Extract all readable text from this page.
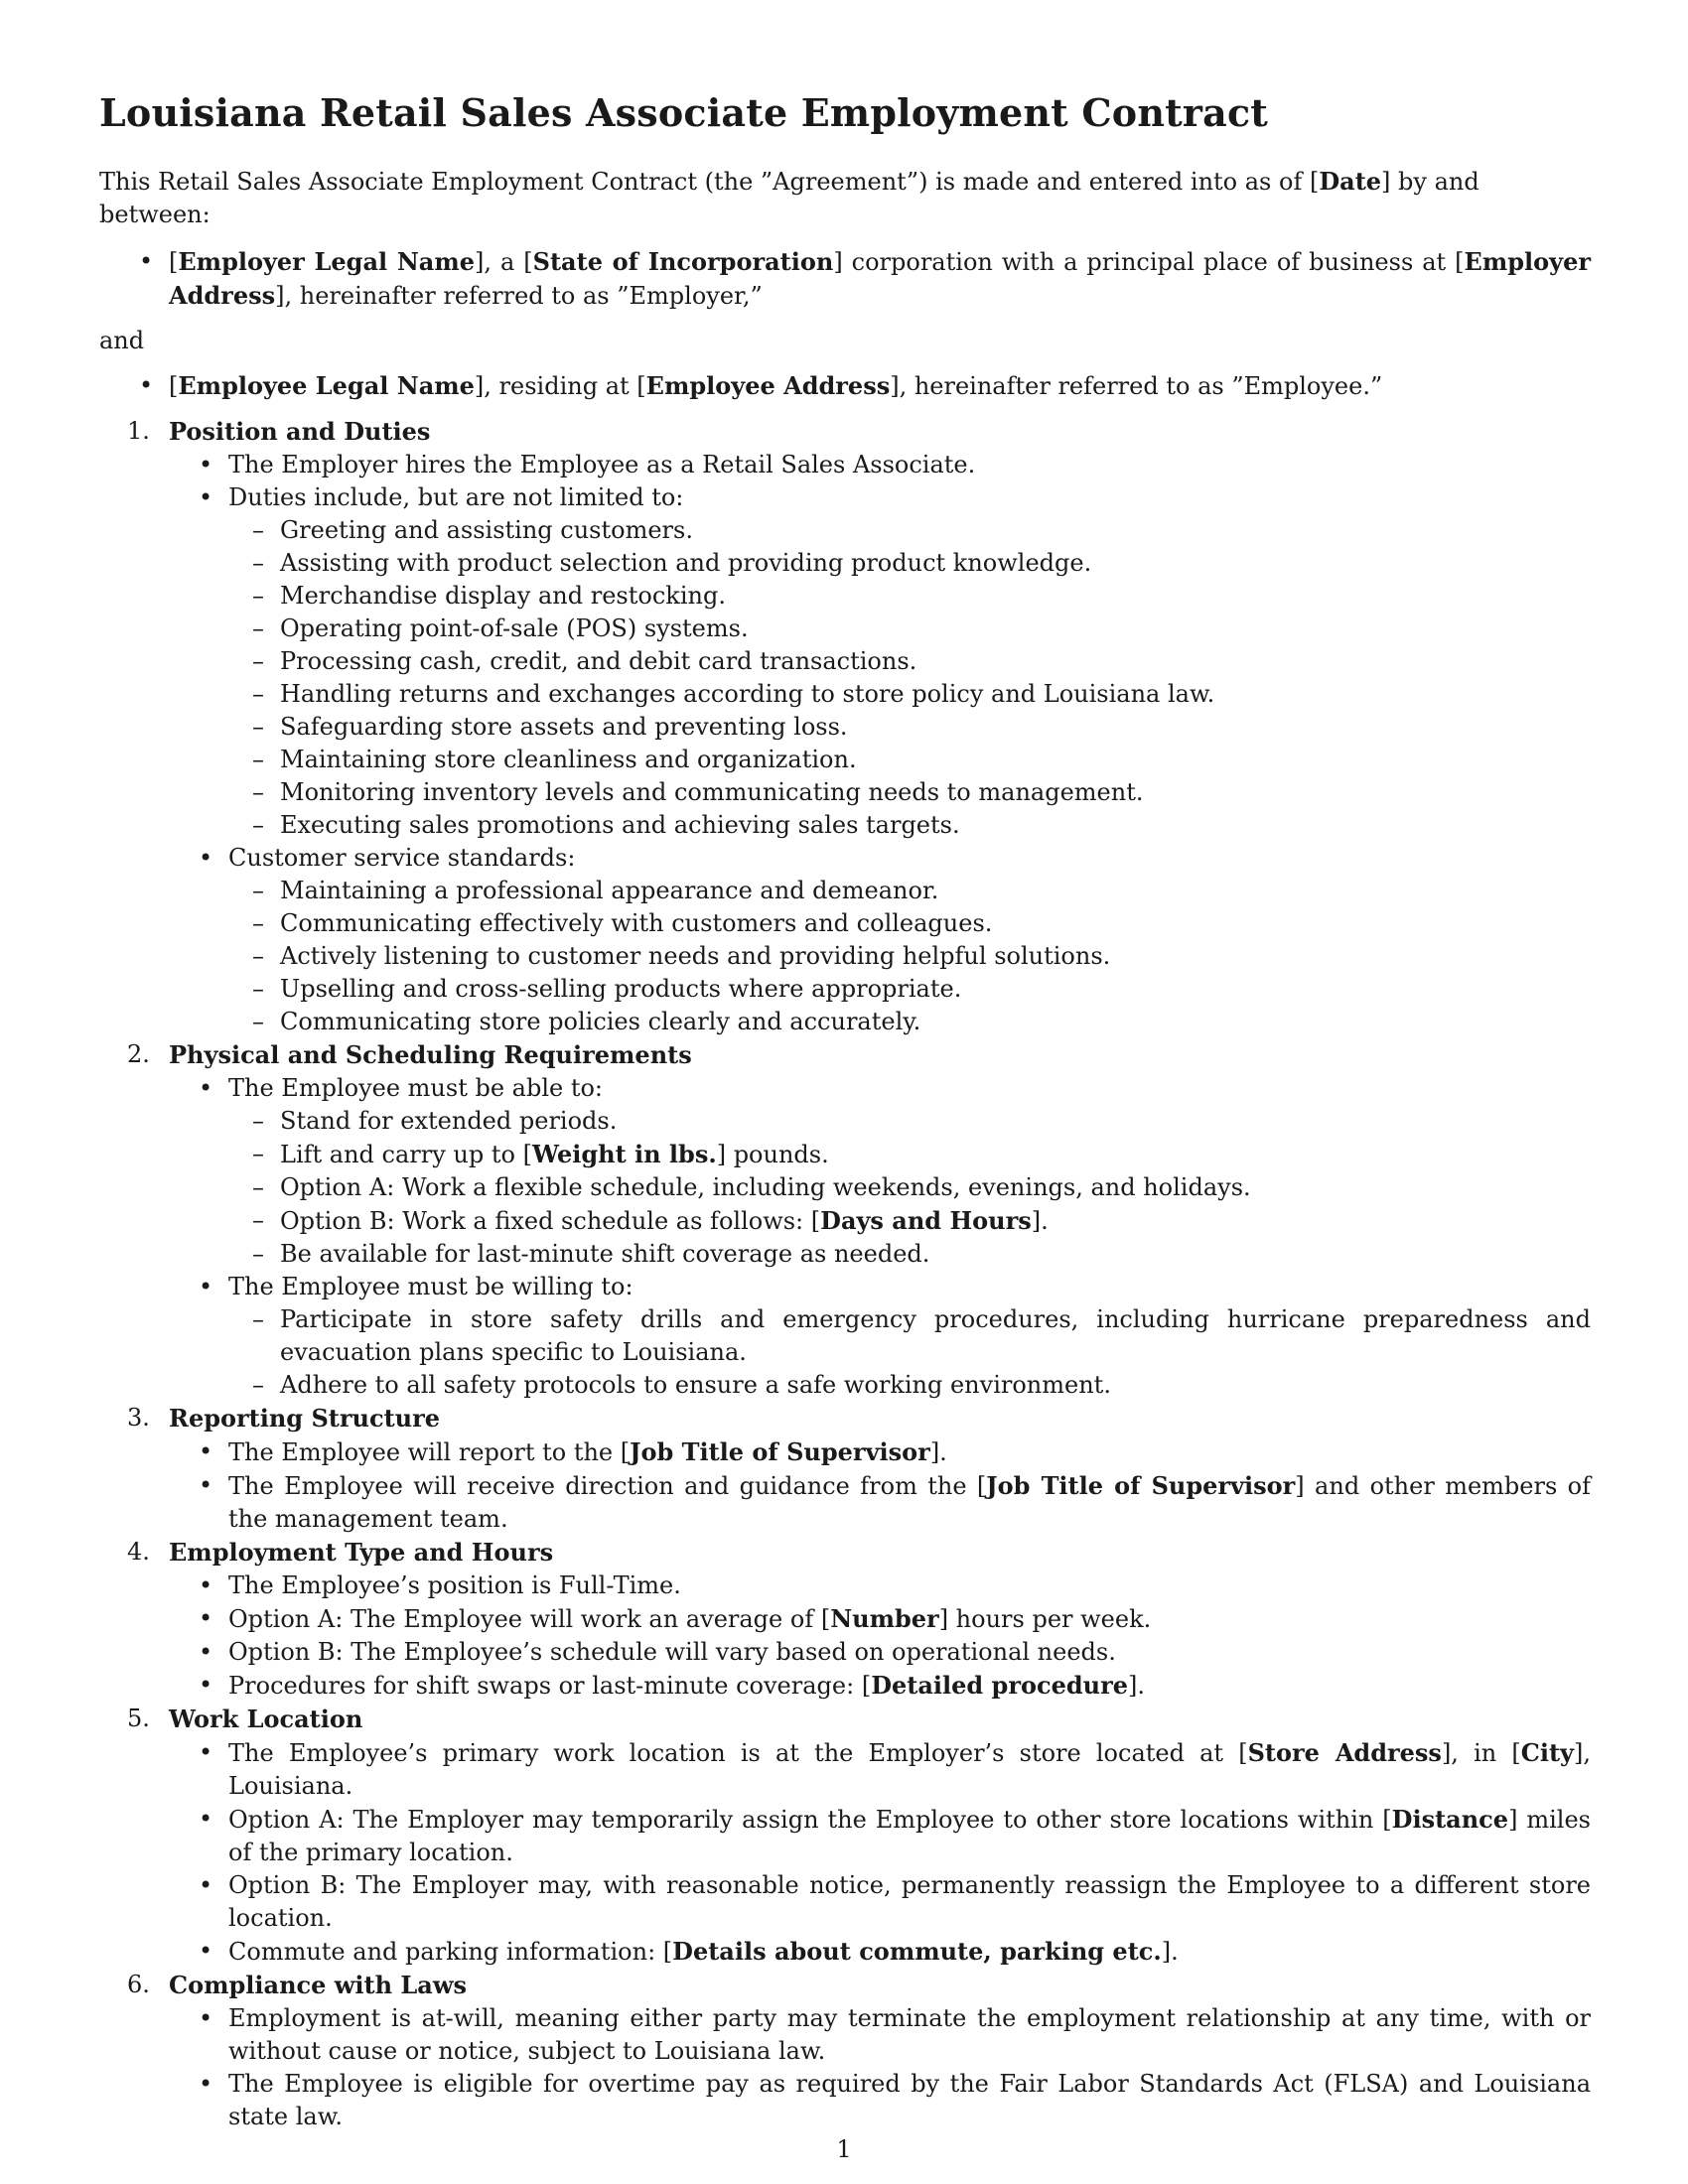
Louisiana Retail Sales Associate Employment Contract

This Retail Sales Associate Employment Contract (the ”Agreement”) is made and entered into as of [Date] by and between:

• [Employer Legal Name], a [State of Incorporation] corporation with a principal place of business at [Employer Address], hereinafter referred to as ”Employer,”

and

• [Employee Legal Name], residing at [Employee Address], hereinafter referred to as ”Employee.”
1. Position and Duties
• The Employer hires the Employee as a Retail Sales Associate.
• Duties include, but are not limited to:
– Greeting and assisting customers.
– Assisting with product selection and providing product knowledge.
– Merchandise display and restocking.
– Operating point-of-sale (POS) systems.
– Processing cash, credit, and debit card transactions.
– Handling returns and exchanges according to store policy and Louisiana law.
– Safeguarding store assets and preventing loss.
– Maintaining store cleanliness and organization.
– Monitoring inventory levels and communicating needs to management.
– Executing sales promotions and achieving sales targets.
• Customer service standards:
– Maintaining a professional appearance and demeanor.
– Communicating effectively with customers and colleagues.
– Actively listening to customer needs and providing helpful solutions.
– Upselling and cross-selling products where appropriate.
– Communicating store policies clearly and accurately.
2. Physical and Scheduling Requirements
• The Employee must be able to:
– Stand for extended periods.
– Lift and carry up to [Weight in lbs.] pounds.
– Option A: Work a flexible schedule, including weekends, evenings, and holidays.
– Option B: Work a fixed schedule as follows: [Days and Hours].
– Be available for last-minute shift coverage as needed.
• The Employee must be willing to:
– Participate in store safety drills and emergency procedures, including hurricane preparedness and evacuation plans specific to Louisiana.
– Adhere to all safety protocols to ensure a safe working environment.
3. Reporting Structure
• The Employee will report to the [Job Title of Supervisor].
• The Employee will receive direction and guidance from the [Job Title of Supervisor] and other members of the management team.
4. Employment Type and Hours
• The Employee’s position is Full-Time.
• Option A: The Employee will work an average of [Number] hours per week.
• Option B: The Employee’s schedule will vary based on operational needs.
• Procedures for shift swaps or last-minute coverage: [Detailed procedure].
5. Work Location
• The Employee’s primary work location is at the Employer’s store located at [Store Address], in [City], Louisiana.
• Option A: The Employer may temporarily assign the Employee to other store locations within [Distance] miles of the primary location.
• Option B: The Employer may, with reasonable notice, permanently reassign the Employee to a different store location.
• Commute and parking information: [Details about commute, parking etc.].
6. Compliance with Laws
• Employment is at-will, meaning either party may terminate the employment relationship at any time, with or without cause or notice, subject to Louisiana law.
• The Employee is eligible for overtime pay as required by the Fair Labor Standards Act (FLSA) and Louisiana state law.
1
